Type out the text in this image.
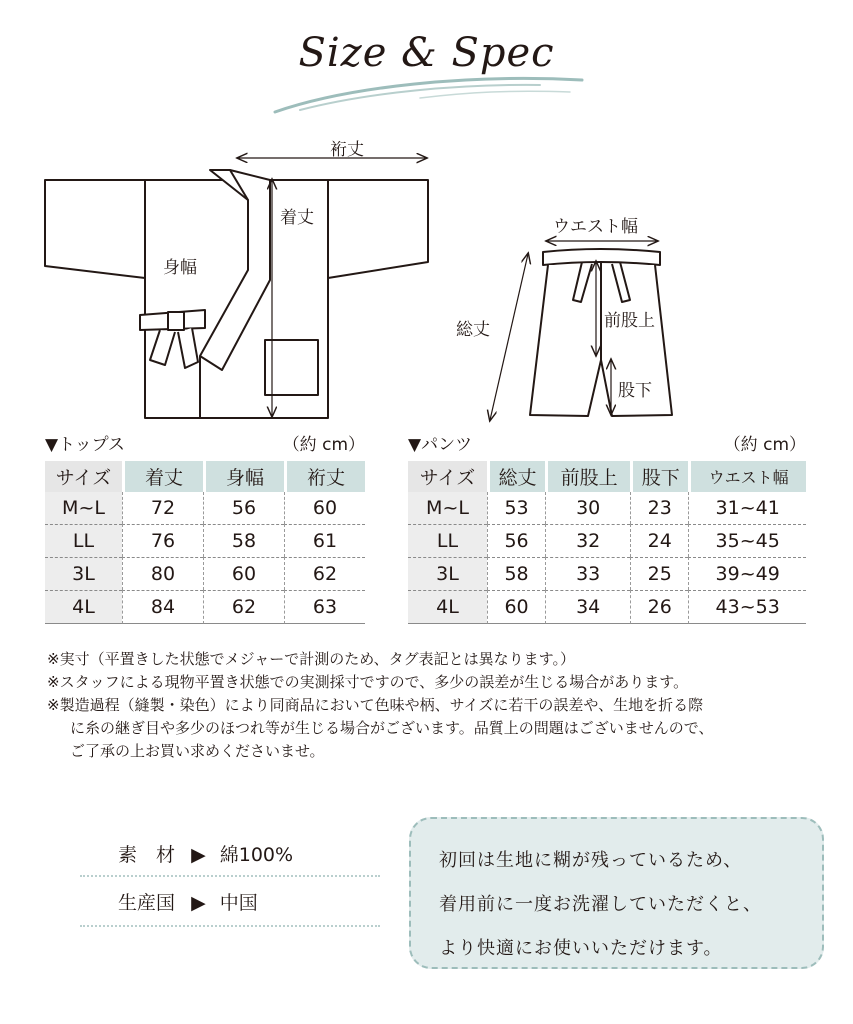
Size & Spec
裄丈
着丈
身幅
ウエスト幅
総丈	前股上
股下
▼トップス	（約 cm）
サイズ	着丈	身幅	裄丈
M~L	72	56	60
LL	76	58	61
3L	80	60	62
4L	84	62	63
▼パンツ	（約 cm）
サイズ	総丈	前股上	股下	ウエスト幅
M~L	53	30	23	31~41
LL	56	32	24	35~45
3L	58	33	25	39~49
4L	60	34	26	43~53

※実寸（平置きした状態でメジャーで計測のため、タグ表記とは異なります。）

※スタッフによる現物平置き状態での実測採寸ですので、多少の誤差が生じる場合があります。

※製造過程（縫製・染色）により同商品において色味や柄、サイズに若干の誤差や、生地を折る際

に糸の継ぎ目や多少のほつれ等が生じる場合がございます。品質上の問題はございませんので、

ご了承の上お買い求めくださいませ。

素　材 ▶ 綿100%
生産国 ▶ 中国

初回は生地に糊が残っているため、

着用前に一度お洗濯していただくと、

より快適にお使いいただけます。
